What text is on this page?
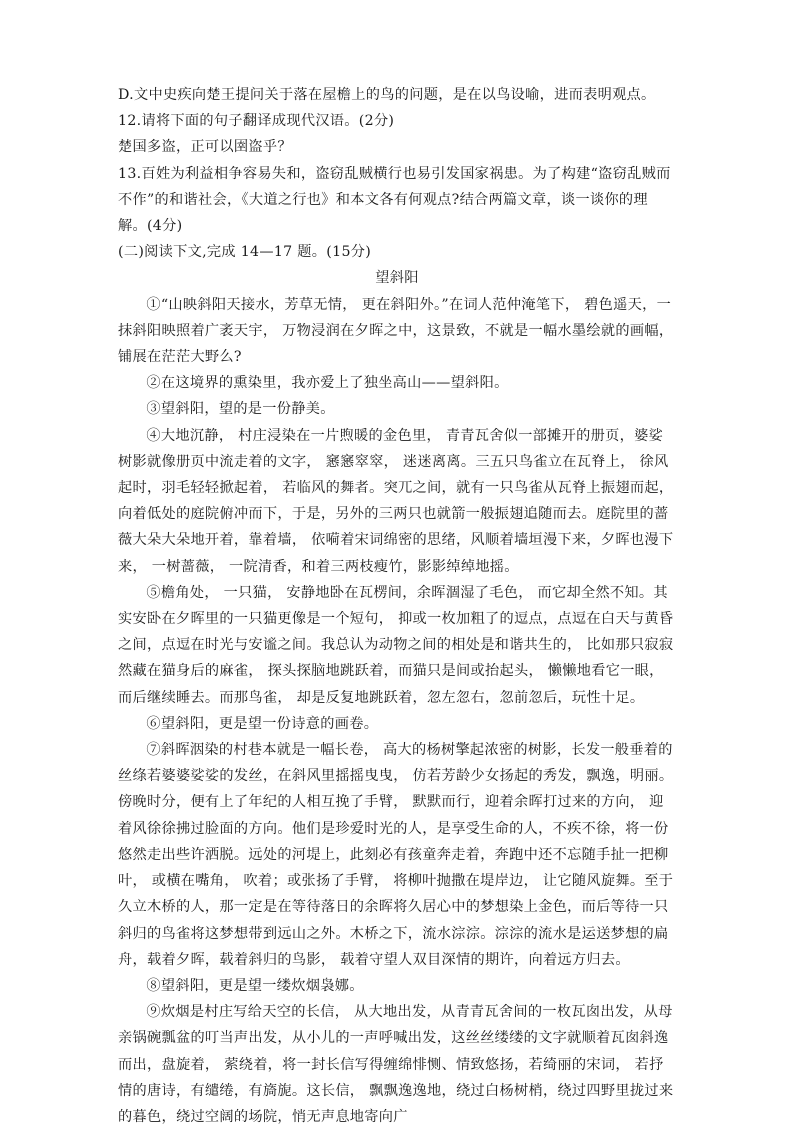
D.文中史疾向楚王提问关于落在屋檐上的鸟的问题，是在以鸟设喻，进而表明观点。

12.请将下面的句子翻译成现代汉语。(2分)

楚国多盗，正可以圉盗乎？

13.百姓为利益相争容易失和，盗窃乱贼横行也易引发国家祸患。为了构建“盗窃乱贼而不作”的和谐社会，《大道之行也》和本文各有何观点?结合两篇文章，谈一谈你的理解。(4分)

(二)阅读下文,完成 14—17 题。(15分)

望斜阳

①“山映斜阳天接水，芳草无情， 更在斜阳外。”在词人范仲淹笔下， 碧色遥天，一抹斜阳映照着广袤天宇， 万物浸润在夕晖之中，这景致，不就是一幅水墨绘就的画幅，铺展在茫茫大野么?

②在这境界的熏染里，我亦爱上了独坐高山——望斜阳。

③望斜阳，望的是一份静美。

④大地沉静， 村庄浸染在一片煦暖的金色里， 青青瓦舍似一部摊开的册页，婆娑树影就像册页中流走着的文字， 窸窸窣窣， 迷迷离离。三五只鸟雀立在瓦脊上， 徐风起时，羽毛轻轻掀起着， 若临风的舞者。突兀之间，就有一只鸟雀从瓦脊上振翅而起，向着低处的庭院俯冲而下，于是，另外的三两只也就箭一般振翅追随而去。庭院里的蔷薇大朵大朵地开着，靠着墙， 依嗬着宋词绵密的思绪，风顺着墙垣漫下来，夕晖也漫下来， 一树蔷薇， 一院清香，和着三两枝瘦竹，影影绰绰地摇。

⑤檐角处， 一只猫， 安静地卧在瓦楞间，余晖涸湿了毛色， 而它却全然不知。其实安卧在夕晖里的一只猫更像是一个短句， 抑或一枚加粗了的逗点，点逗在白天与黄昏之间，点逗在时光与安谧之间。我总认为动物之间的相处是和谐共生的， 比如那只寂寂然藏在猫身后的麻雀， 探头探脑地跳跃着，而猫只是间或抬起头， 懒懒地看它一眼，而后继续睡去。而那鸟雀， 却是反复地跳跃着，忽左忽右，忽前忽后，玩性十足。

⑥望斜阳，更是望一份诗意的画卷。

⑦斜晖洇染的村巷本就是一幅长卷， 高大的杨树擎起浓密的树影，长发一般垂着的丝绦若婆婆娑娑的发丝，在斜风里摇摇曳曳， 仿若芳龄少女扬起的秀发，飘逸，明丽。傍晚时分，便有上了年纪的人相互挽了手臂， 默默而行，迎着余晖打过来的方向， 迎着风徐徐拂过脸面的方向。他们是珍爱时光的人，是享受生命的人，不疾不徐，将一份悠然走出些许洒脱。远处的河堤上，此刻必有孩童奔走着，奔跑中还不忘随手扯一把柳叶， 或横在嘴角， 吹着；或张扬了手臂， 将柳叶抛撒在堤岸边， 让它随风旋舞。至于久立木桥的人，那一定是在等待落日的余晖将久居心中的梦想染上金色，而后等待一只斜归的鸟雀将这梦想带到远山之外。木桥之下，流水淙淙。淙淙的流水是运送梦想的扁舟，载着夕晖，载着斜归的鸟影， 载着守望人双目深情的期许，向着远方归去。

⑧望斜阳，更是望一缕炊烟袅娜。

⑨炊烟是村庄写给天空的长信， 从大地出发，从青青瓦舍间的一枚瓦囱出发，从母亲锅碗瓢盆的叮当声出发，从小儿的一声呼喊出发，这丝丝缕缕的文字就顺着瓦囱斜逸而出，盘旋着， 萦绕着，将一封长信写得缠绵悱恻、情致悠扬，若绮丽的宋词， 若抒情的唐诗，有缱绻，有旖旎。这长信， 飘飘逸逸地，绕过白杨树梢，绕过四野里拢过来的暮色，绕过空阔的场院，悄无声息地寄向广
